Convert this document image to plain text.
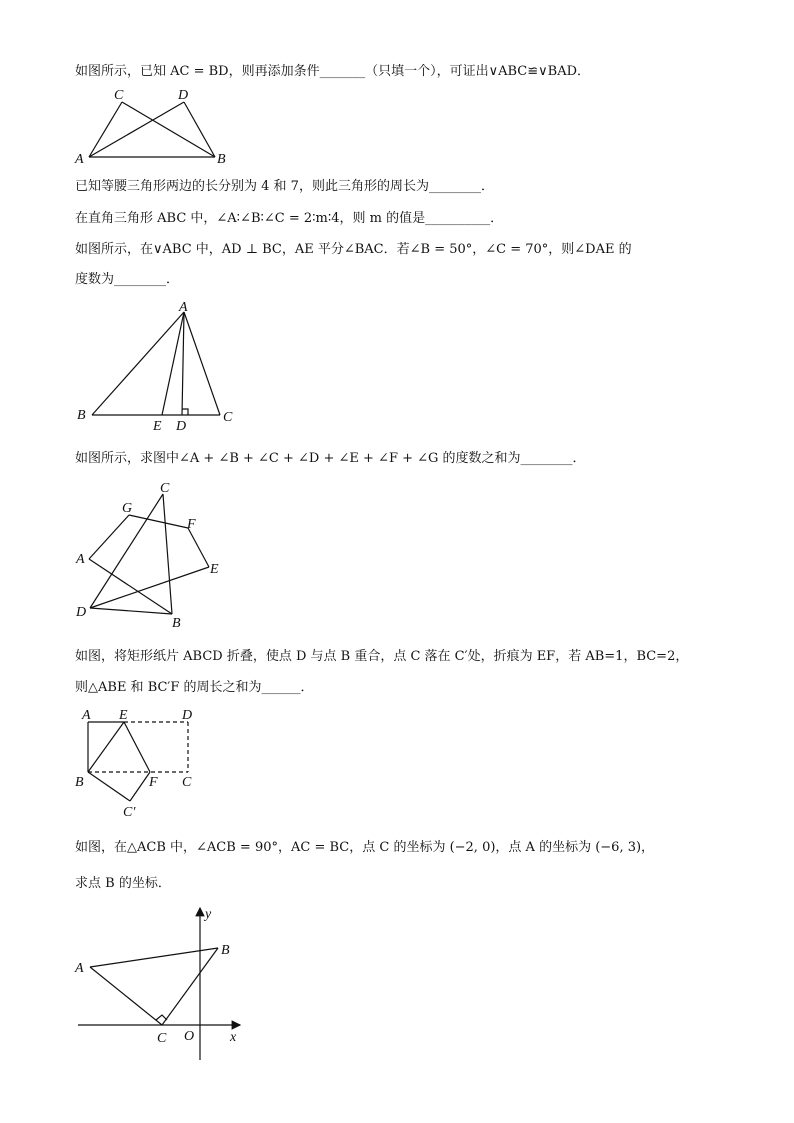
如图所示，已知 AC = BD，则再添加条件_______（只填一个），可证出∨ABC≌∨BAD．
A	B
C	D
已知等腰三角形两边的长分别为 4 和 7，则此三角形的周长为________．
在直角三角形 ABC 中，∠A∶∠B∶∠C = 2∶m∶4，则 m 的值是__________．
如图所示，在∨ABC 中，AD ⊥ BC，AE 平分∠BAC．若∠B = 50°，∠C = 70°，则∠DAE 的
度数为________．
A
B	C
D
E
如图所示，求图中∠A + ∠B + ∠C + ∠D + ∠E + ∠F + ∠G 的度数之和为________．
C
G
F
A
E
D
B
如图，将矩形纸片 ABCD 折叠，使点 D 与点 B 重合，点 C 落在 C′处，折痕为 EF，若 AB=1，BC=2，
则△ABE 和 BC′F 的周长之和为______．
A E	D
B	F C
C′
如图，在△ACB 中，∠ACB = 90°，AC = BC，点 C 的坐标为 (−2, 0)，点 A 的坐标为 (−6, 3)，
求点 B 的坐标．
y
x
A
B
C O
